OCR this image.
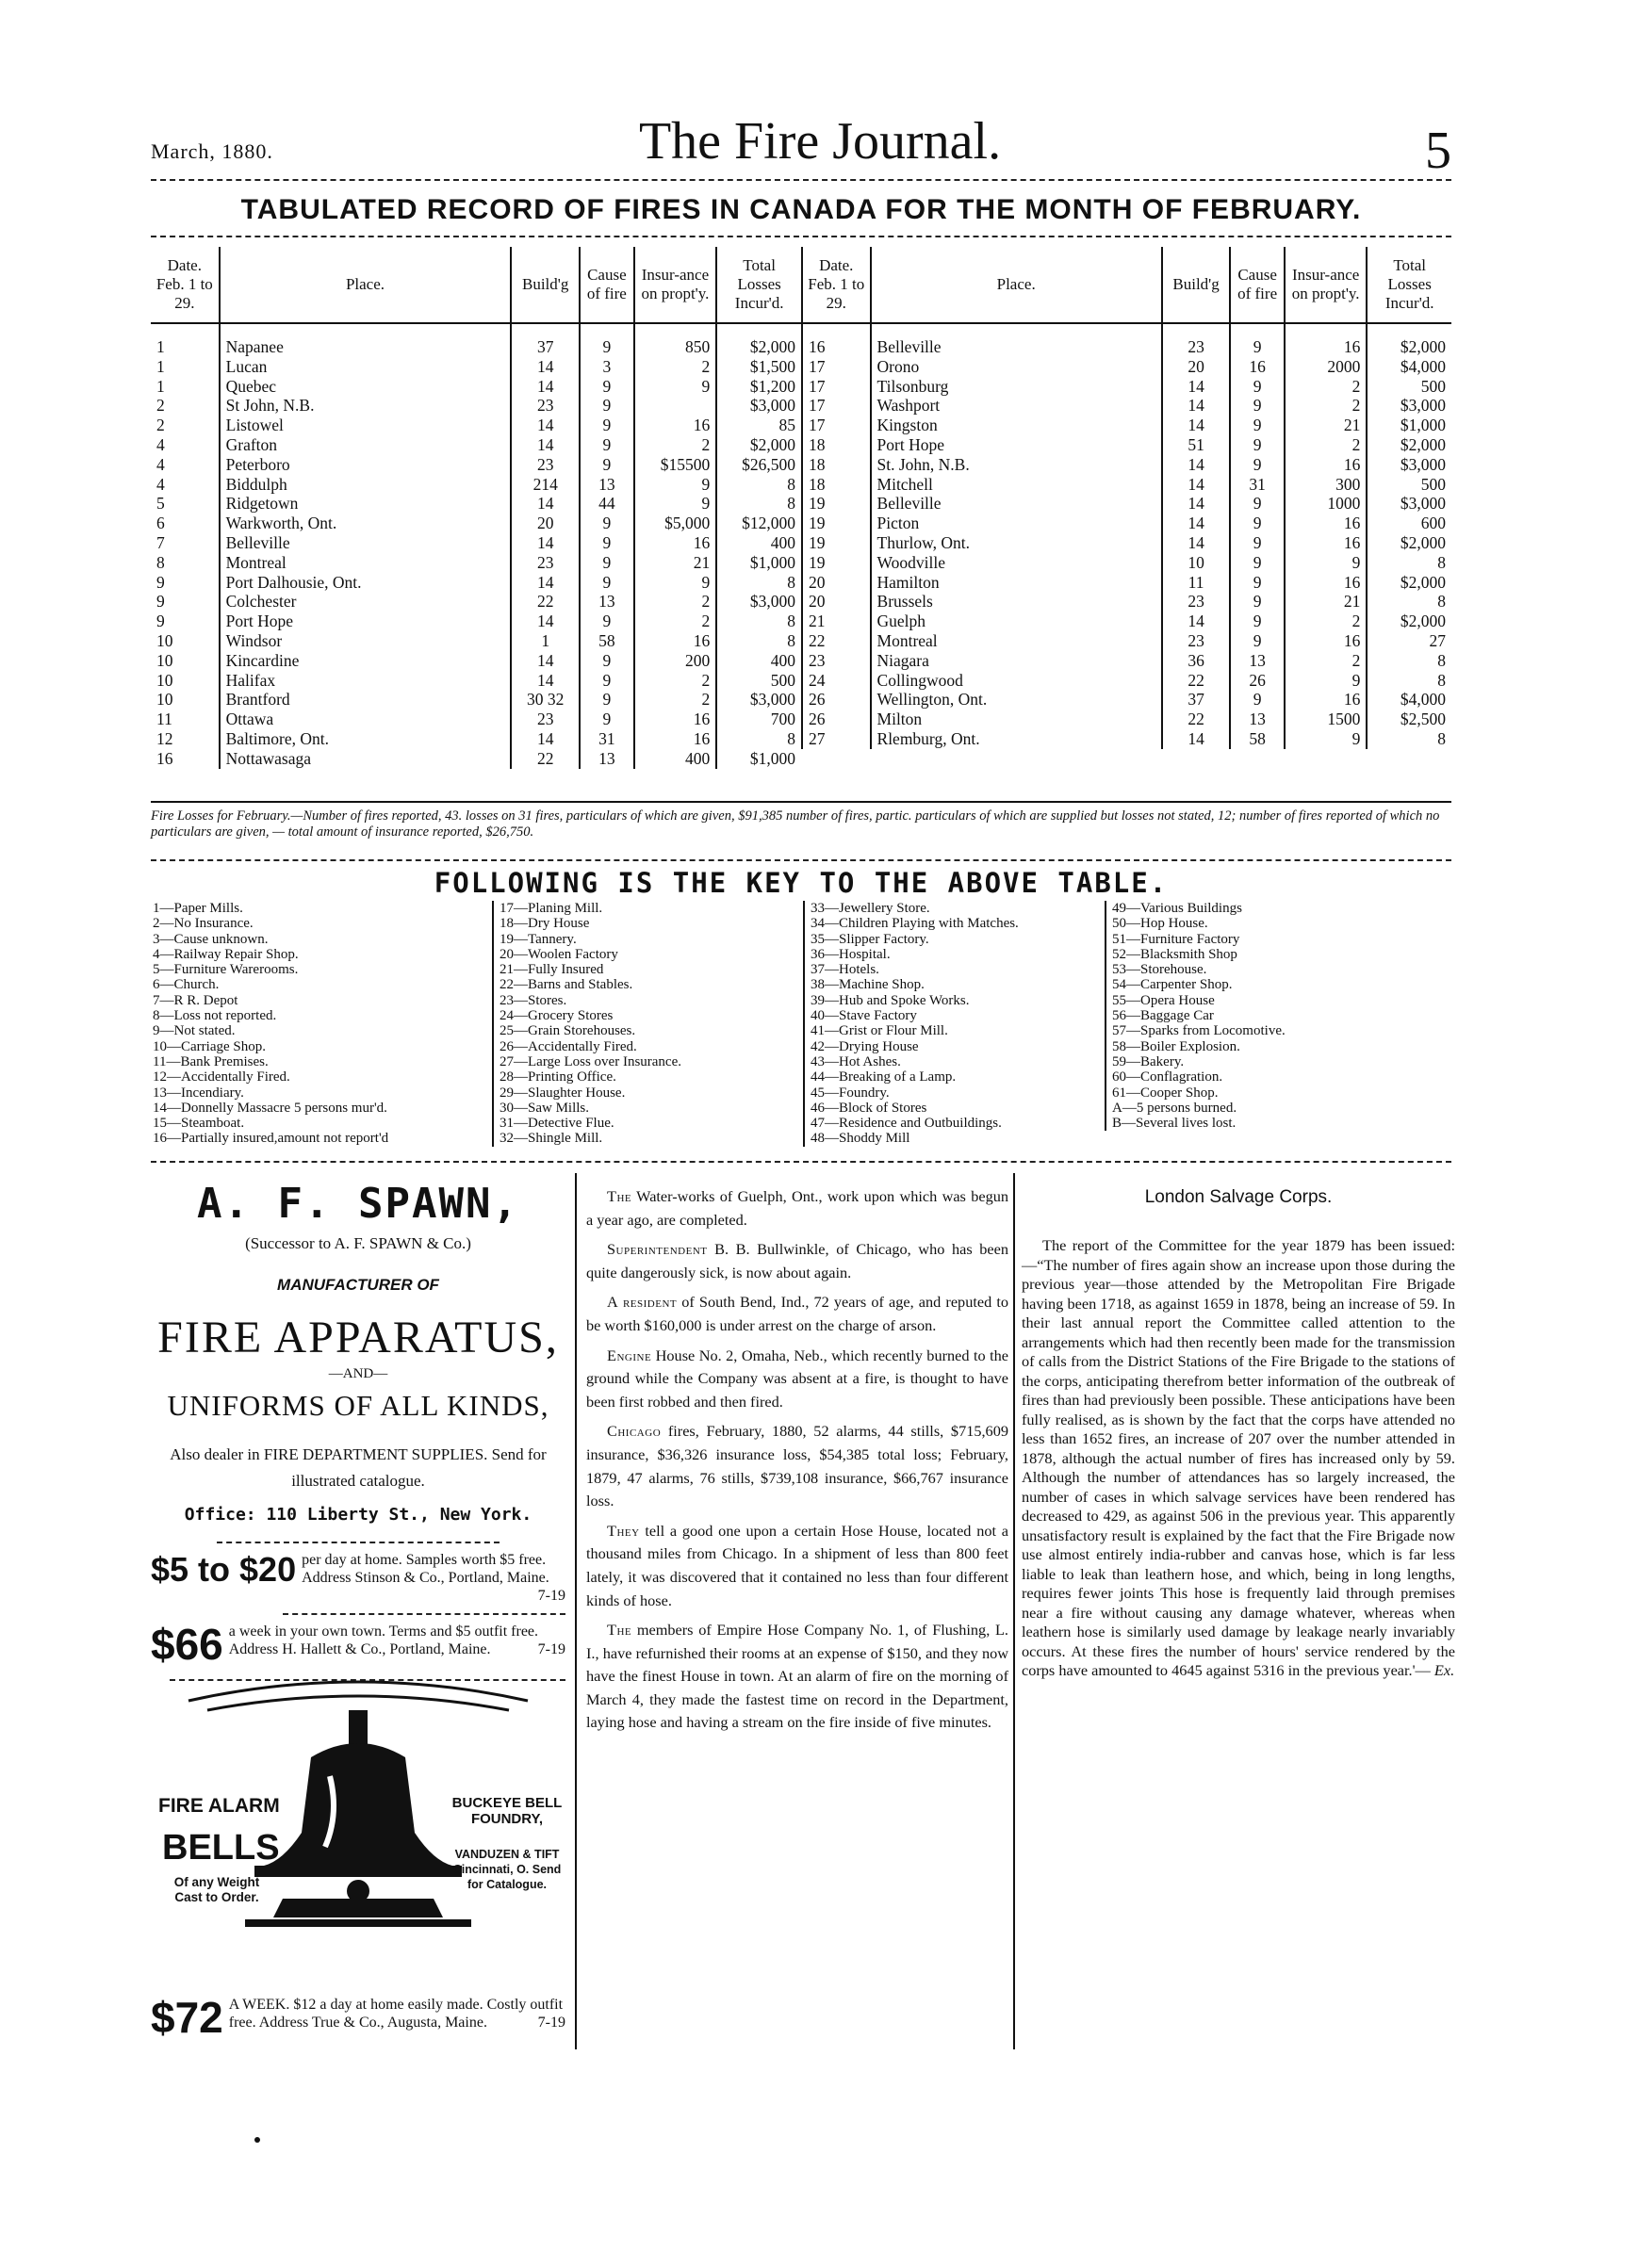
March, 1880.	The Fire Journal.	5
TABULATED RECORD OF FIRES IN CANADA FOR THE MONTH OF FEBRUARY.
Date. Feb. 1 to 29.	Place.	Build'g	Cause of fire	Insur-ance on propt'y.	Total Losses Incur'd.
1	Napanee	37	9	850	$2,000
1	Lucan	14	3	2	$1,500
1	Quebec	14	9	9	$1,200
2	St John, N.B.	23	9		$3,000
2	Listowel	14	9	16	85
4	Grafton	14	9	2	$2,000
4	Peterboro	23	9	$15500	$26,500
4	Biddulph	214	13	9	8
5	Ridgetown	14	44	9	8
6	Warkworth, Ont.	20	9	$5,000	$12,000
7	Belleville	14	9	16	400
8	Montreal	23	9	21	$1,000
9	Port Dalhousie, Ont.	14	9	9	8
9	Colchester	22	13	2	$3,000
9	Port Hope	14	9	2	8
10	Windsor	1	58	16	8
10	Kincardine	14	9	200	400
10	Halifax	14	9	2	500
10	Brantford	30 32	9	2	$3,000
11	Ottawa	23	9	16	700
12	Baltimore, Ont.	14	31	16	8
16	Nottawasaga	22	13	400	$1,000
Date. Feb. 1 to 29.	Place.	Build'g	Cause of fire	Insur-ance on propt'y.	Total Losses Incur'd.
16	Belleville	23	9	16	$2,000
17	Orono	20	16	2000	$4,000
17	Tilsonburg	14	9	2	500
17	Washport	14	9	2	$3,000
17	Kingston	14	9	21	$1,000
18	Port Hope	51	9	2	$2,000
18	St. John, N.B.	14	9	16	$3,000
18	Mitchell	14	31	300	500
19	Belleville	14	9	1000	$3,000
19	Picton	14	9	16	600
19	Thurlow, Ont.	14	9	16	$2,000
19	Woodville	10	9	9	8
20	Hamilton	11	9	16	$2,000
20	Brussels	23	9	21	8
21	Guelph	14	9	2	$2,000
22	Montreal	23	9	16	27
23	Niagara	36	13	2	8
24	Collingwood	22	26	9	8
26	Wellington, Ont.	37	9	16	$4,000
26	Milton	22	13	1500	$2,500
27	Rlemburg, Ont.	14	58	9	8
Fire Losses for February.—Number of fires reported, 43. losses on 31 fires, particulars of which are given, $91,385 number of fires, partic. particulars of which are supplied but losses not stated, 12; number of fires reported of which no particulars are given, — total amount of insurance reported, $26,750.
FOLLOWING IS THE KEY TO THE ABOVE TABLE.
1—Paper Mills.
2—No Insurance.
3—Cause unknown.
4—Railway Repair Shop.
5—Furniture Warerooms.
6—Church.
7—R R. Depot
8—Loss not reported.
9—Not stated.
10—Carriage Shop.
11—Bank Premises.
12—Accidentally Fired.
13—Incendiary.
14—Donnelly Massacre 5 persons mur'd.
15—Steamboat.
16—Partially insured,amount not report'd
17—Planing Mill.
18—Dry House
19—Tannery.
20—Woolen Factory
21—Fully Insured
22—Barns and Stables.
23—Stores.
24—Grocery Stores
25—Grain Storehouses.
26—Accidentally Fired.
27—Large Loss over Insurance.
28—Printing Office.
29—Slaughter House.
30—Saw Mills.
31—Detective Flue.
32—Shingle Mill.
33—Jewellery Store.
34—Children Playing with Matches.
35—Slipper Factory.
36—Hospital.
37—Hotels.
38—Machine Shop.
39—Hub and Spoke Works.
40—Stave Factory
41—Grist or Flour Mill.
42—Drying House
43—Hot Ashes.
44—Breaking of a Lamp.
45—Foundry.
46—Block of Stores
47—Residence and Outbuildings.
48—Shoddy Mill
49—Various Buildings
50—Hop House.
51—Furniture Factory
52—Blacksmith Shop
53—Storehouse.
54—Carpenter Shop.
55—Opera House
56—Baggage Car
57—Sparks from Locomotive.
58—Boiler Explosion.
59—Bakery.
60—Conflagration.
61—Cooper Shop.
A—5 persons burned.
B—Several lives lost.
A. F. SPAWN,
(Successor to A. F. SPAWN & Co.)
MANUFACTURER OF
FIRE APPARATUS,
—AND—
UNIFORMS OF ALL KINDS,
Also dealer in FIRE DEPARTMENT SUPPLIES. Send for illustrated catalogue.
Office: 110 Liberty St., New York.
$5 to $20 per day at home. Samples worth $5 free. Address Stinson & Co., Portland, Maine.
7-19
$66 a week in your own town. Terms and $5 outfit free. Address H. Hallett & Co., Portland, Maine.	7-19
FIRE ALARM
BELLS
Of any Weight Cast to Order.
BUCKEYE BELL FOUNDRY,
VANDUZEN & TIFT Cincinnati, O. Send for Catalogue.
$72 A WEEK. $12 a day at home easily made. Costly outfit free. Address True & Co., Augusta, Maine.	7-19

The Water-works of Guelph, Ont., work upon which was begun a year ago, are completed.

Superintendent B. B. Bullwinkle, of Chicago, who has been quite dangerously sick, is now about again.

A resident of South Bend, Ind., 72 years of age, and reputed to be worth $160,000 is under arrest on the charge of arson.

Engine House No. 2, Omaha, Neb., which recently burned to the ground while the Company was absent at a fire, is thought to have been first robbed and then fired.

Chicago fires, February, 1880, 52 alarms, 44 stills, $715,609 insurance, $36,326 insurance loss, $54,385 total loss; February, 1879, 47 alarms, 76 stills, $739,108 insurance, $66,767 insurance loss.

They tell a good one upon a certain Hose House, located not a thousand miles from Chicago. In a shipment of less than 800 feet lately, it was discovered that it contained no less than four different kinds of hose.

The members of Empire Hose Company No. 1, of Flushing, L. I., have refurnished their rooms at an expense of $150, and they now have the finest House in town. At an alarm of fire on the morning of March 4, they made the fastest time on record in the Department, laying hose and having a stream on the fire inside of five minutes.

London Salvage Corps.

The report of the Committee for the year 1879 has been issued:—“The number of fires again show an increase upon those during the previous year—those attended by the Metropolitan Fire Brigade having been 1718, as against 1659 in 1878, being an increase of 59. In their last annual report the Committee called attention to the arrangements which had then recently been made for the transmission of calls from the District Stations of the Fire Brigade to the stations of the corps, anticipating therefrom better information of the outbreak of fires than had previously been possible. These anticipations have been fully realised, as is shown by the fact that the corps have attended no less than 1652 fires, an increase of 207 over the number attended in 1878, although the actual number of fires has increased only by 59. Although the number of attendances has so largely increased, the number of cases in which salvage services have been rendered has decreased to 429, as against 506 in the previous year. This apparently unsatisfactory result is explained by the fact that the Fire Brigade now use almost entirely india-rubber and canvas hose, which is far less liable to leak than leathern hose, and which, being in long lengths, requires fewer joints This hose is frequently laid through premises near a fire without causing any damage whatever, whereas when leathern hose is similarly used damage by leakage nearly invariably occurs. At these fires the number of hours' service rendered by the corps have amounted to 4645 against 5316 in the previous year.'— Ex.
